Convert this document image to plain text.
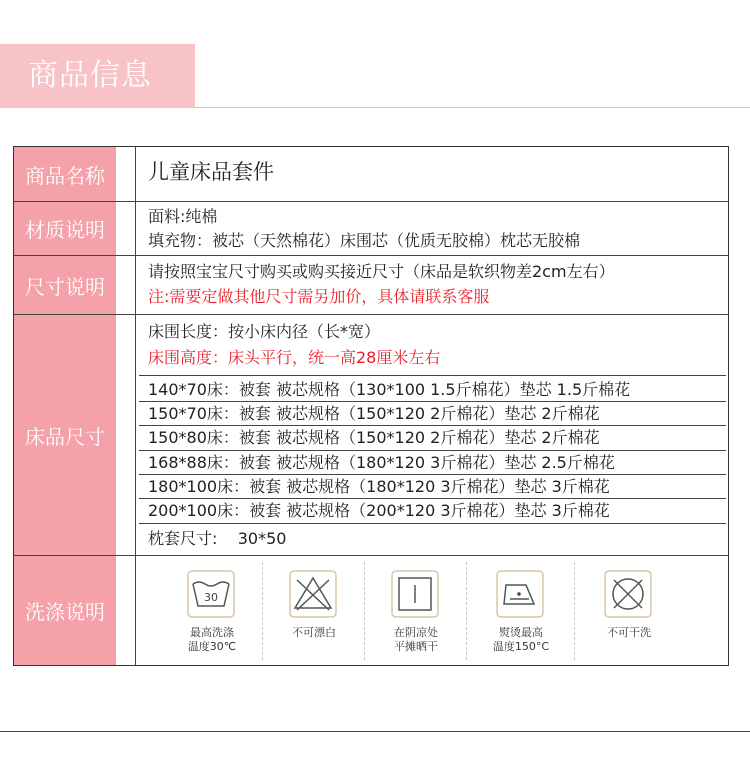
商品信息
商品名称	儿童床品套件
材质说明
面料:纯棉
填充物：被芯（天然棉花）床围芯（优质无胶棉）枕芯无胶棉
尺寸说明
请按照宝宝尺寸购买或购买接近尺寸（床品是软织物差2cm左右）
注:需要定做其他尺寸需另加价，具体请联系客服
床品尺寸
床围长度：按小床内径（长*宽）
床围高度：床头平行，统一高28厘米左右
140*70床：被套 被芯规格（130*100 1.5斤棉花）垫芯 1.5斤棉花
150*70床：被套 被芯规格（150*120 2斤棉花）垫芯 2斤棉花
150*80床：被套 被芯规格（150*120 2斤棉花）垫芯 2斤棉花
168*88床：被套 被芯规格（180*120 3斤棉花）垫芯 2.5斤棉花
180*100床：被套 被芯规格（180*120 3斤棉花）垫芯 3斤棉花
200*100床：被套 被芯规格（200*120 3斤棉花）垫芯 3斤棉花
枕套尺寸:    30*50
洗涤说明
30
最高洗涤
温度30℃
不可漂白	在阴凉处
平摊晒干
熨烫最高
温度150°C
不可干洗
